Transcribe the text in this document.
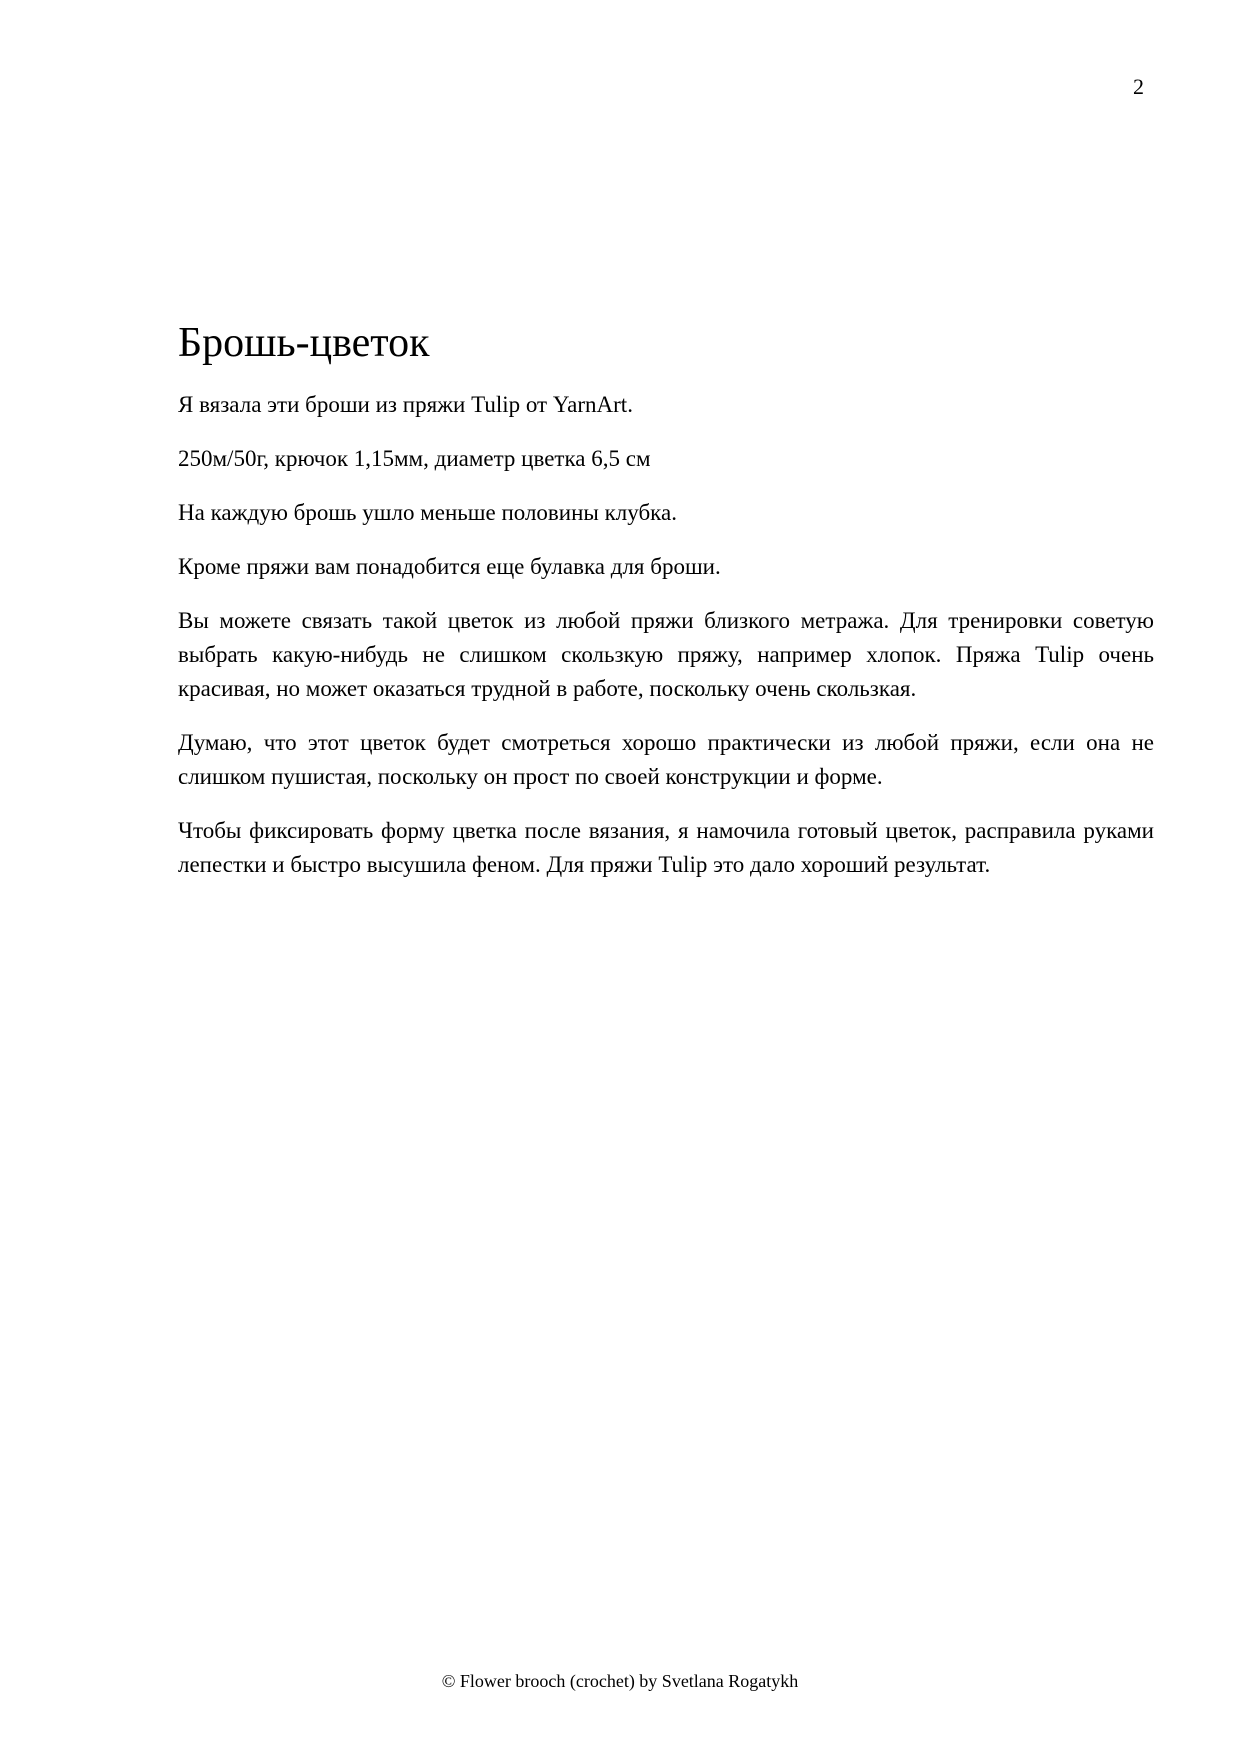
2
Брошь-цветок

Я вязала эти броши из пряжи Tulip от YarnArt.

250м/50г, крючок 1,15мм, диаметр цветка 6,5 см

На каждую брошь ушло меньше половины клубка.

Кроме пряжи вам понадобится еще булавка для броши.

Вы можете связать такой цветок из любой пряжи близкого метража. Для тренировки советую выбрать какую-нибудь не слишком скользкую пряжу, например хлопок. Пряжа Tulip очень красивая, но может оказаться трудной в работе, поскольку очень скользкая.

Думаю, что этот цветок будет смотреться хорошо практически из любой пряжи, если она не слишком пушистая, поскольку он прост по своей конструкции и форме.

Чтобы фиксировать форму цветка после вязания, я намочила готовый цветок, расправила руками лепестки и быстро высушила феном. Для пряжи Tulip это дало хороший результат.

© Flower brooch (crochet) by Svetlana Rogatykh
